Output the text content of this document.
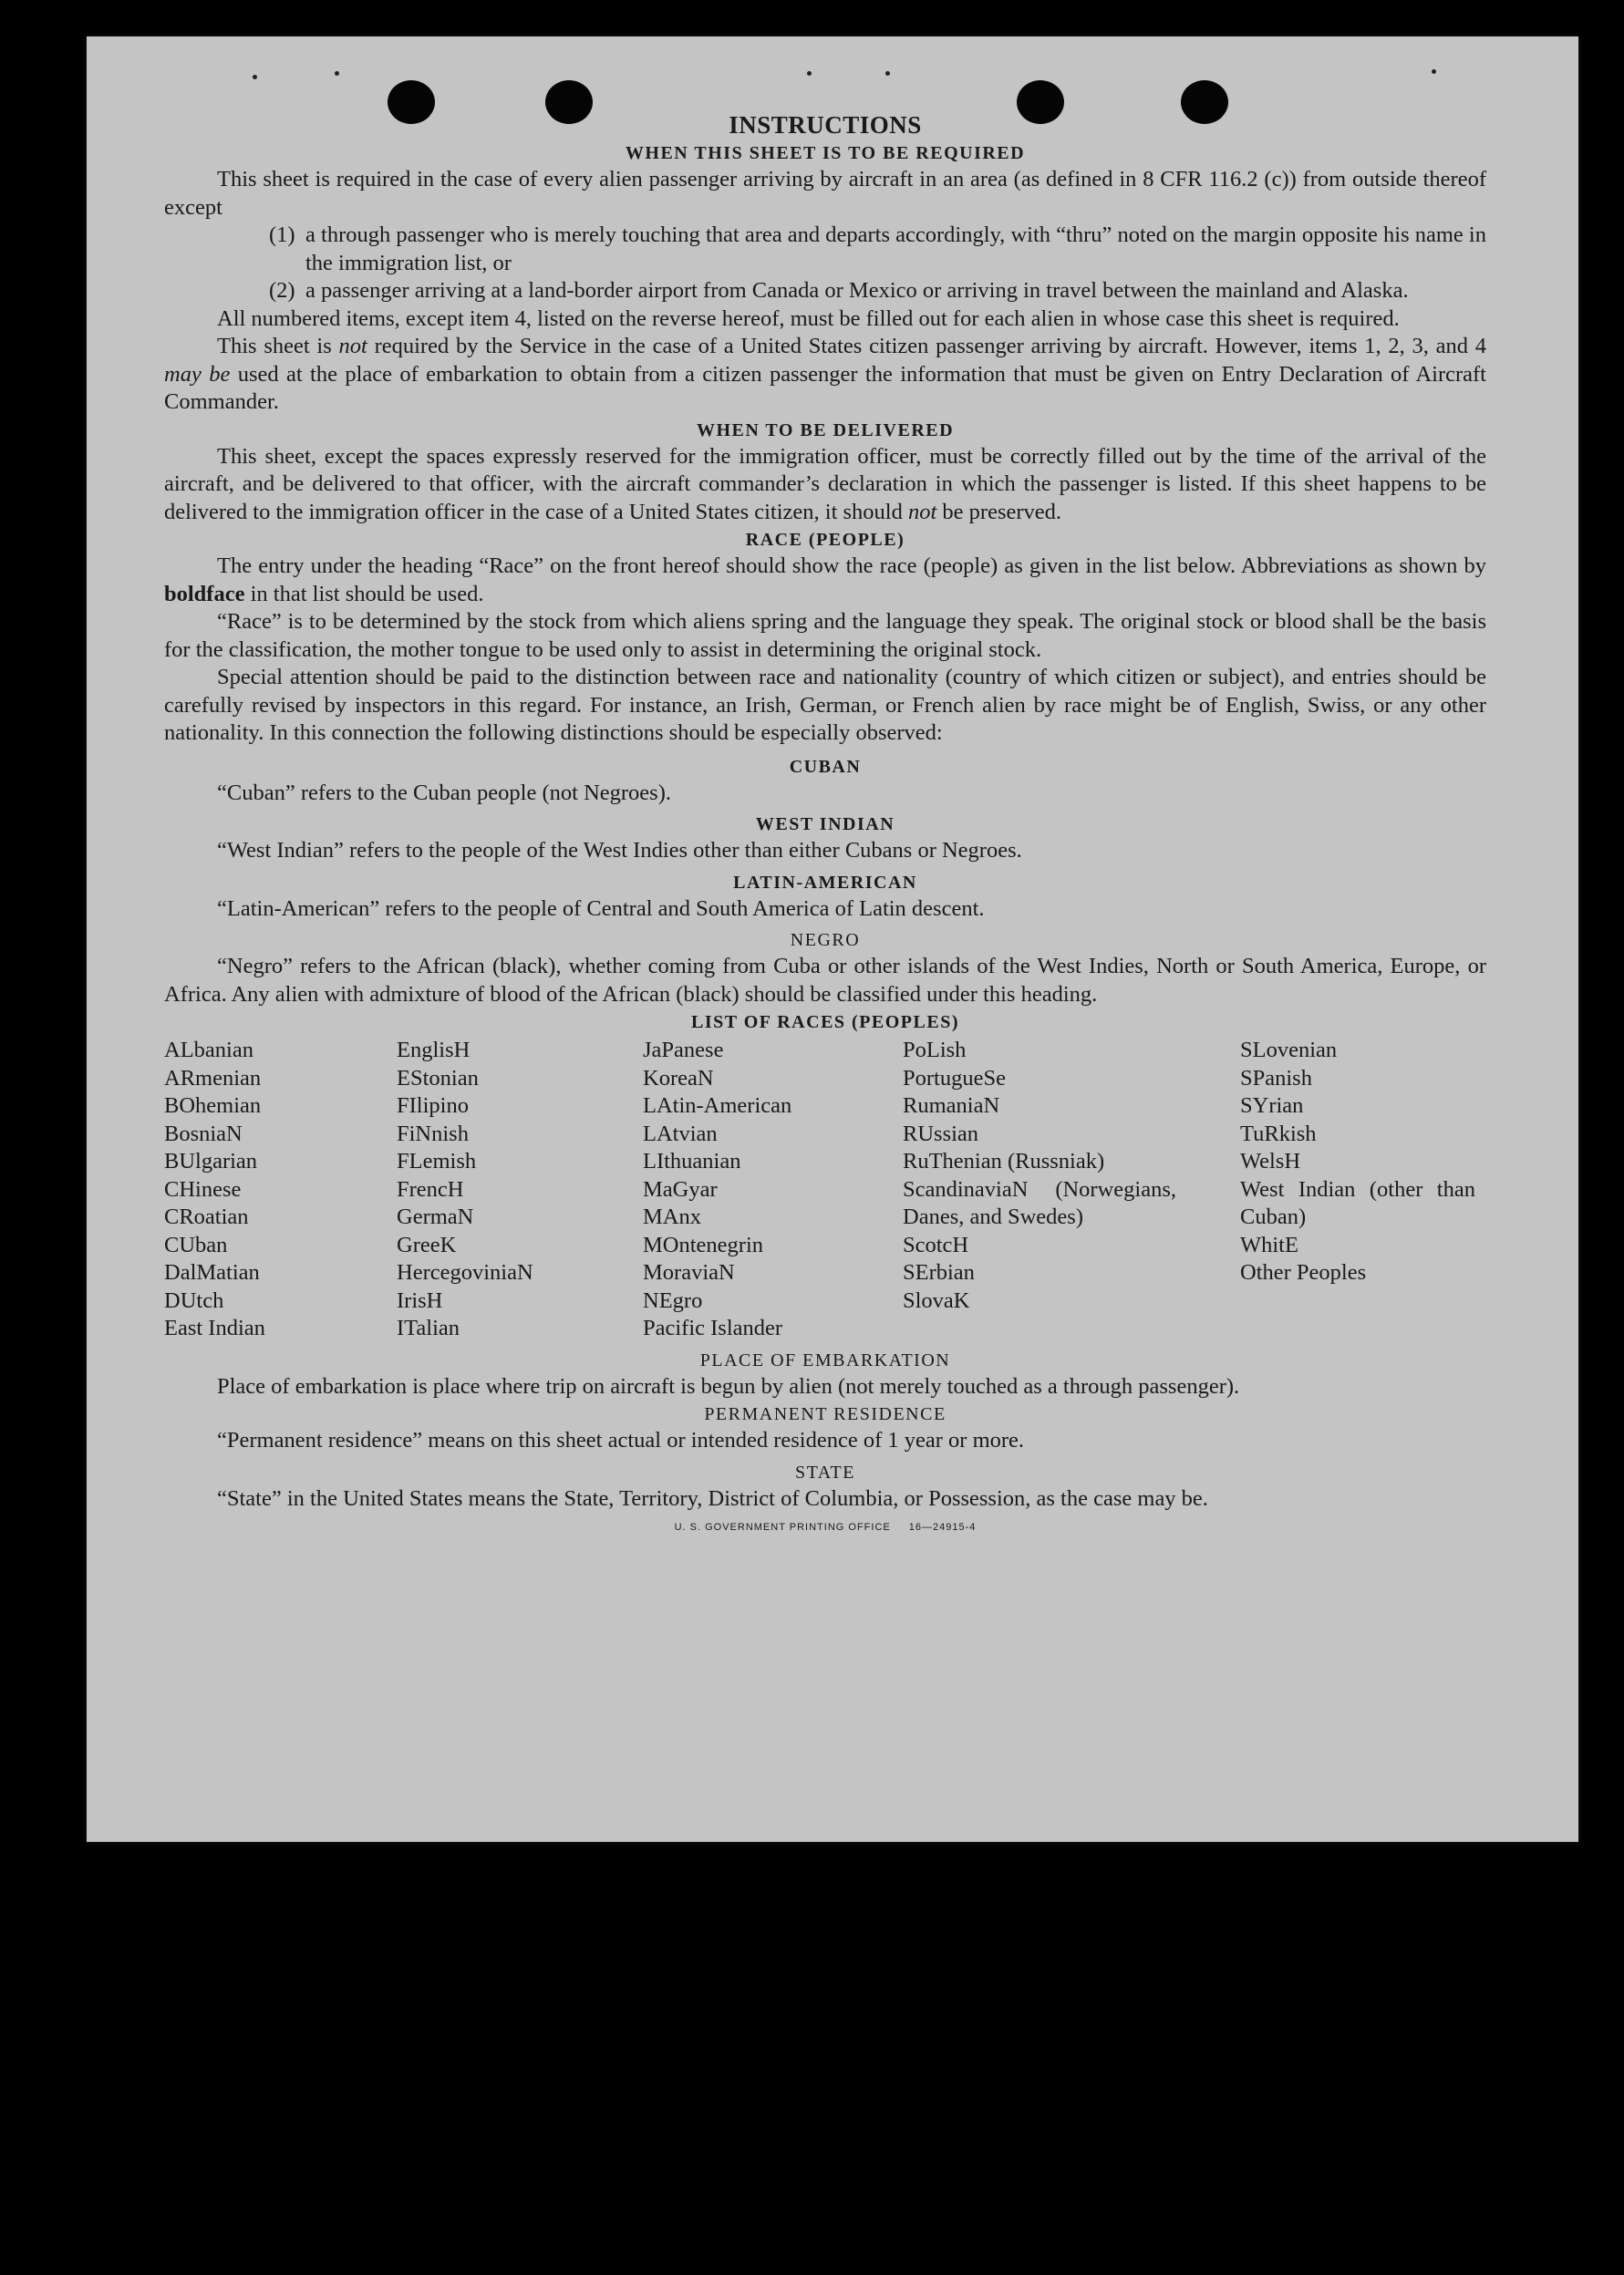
INSTRUCTIONS
WHEN THIS SHEET IS TO BE REQUIRED

This sheet is required in the case of every alien passenger arriving by aircraft in an area (as defined in 8 CFR 116.2 (c)) from outside thereof except

(1) a through passenger who is merely touching that area and departs accordingly, with “thru” noted on the margin opposite his name in the immigration list, or
(2) a passenger arriving at a land-border airport from Canada or Mexico or arriving in travel between the mainland and Alaska.

All numbered items, except item 4, listed on the reverse hereof, must be filled out for each alien in whose case this sheet is required.

This sheet is not required by the Service in the case of a United States citizen passenger arriving by aircraft. However, items 1, 2, 3, and 4 may be used at the place of embarkation to obtain from a citizen passenger the information that must be given on Entry Declaration of Aircraft Commander.

WHEN TO BE DELIVERED

This sheet, except the spaces expressly reserved for the immigration officer, must be correctly filled out by the time of the arrival of the aircraft, and be delivered to that officer, with the aircraft commander’s declaration in which the passenger is listed. If this sheet happens to be delivered to the immigration officer in the case of a United States citizen, it should not be preserved.

RACE (PEOPLE)

The entry under the heading “Race” on the front hereof should show the race (people) as given in the list below. Abbreviations as shown by boldface in that list should be used.

“Race” is to be determined by the stock from which aliens spring and the language they speak. The original stock or blood shall be the basis for the classification, the mother tongue to be used only to assist in determining the original stock.

Special attention should be paid to the distinction between race and nationality (country of which citizen or subject), and entries should be carefully revised by inspectors in this regard. For instance, an Irish, German, or French alien by race might be of English, Swiss, or any other nationality. In this connection the following distinctions should be especially observed:

CUBAN
“Cuban” refers to the Cuban people (not Negroes).
WEST INDIAN
“West Indian” refers to the people of the West Indies other than either Cubans or Negroes.
LATIN-AMERICAN
“Latin-American” refers to the people of Central and South America of Latin descent.
NEGRO

“Negro” refers to the African (black), whether coming from Cuba or other islands of the West Indies, North or South America, Europe, or Africa. Any alien with admixture of blood of the African (black) should be classified under this heading.

LIST OF RACES (PEOPLES)
ALbanian
ARmenian
BOhemian
BosniaN
BUlgarian
CHinese
CRoatian
CUban
DalMatian
DUtch
East Indian
EnglisH
EStonian
FIlipino
FiNnish
FLemish
FrencH
GermaN
GreeK
HercegoviniaN
IrisH
ITalian
JaPanese
KoreaN
LAtin-American
LAtvian
LIthuanian
MaGyar
MAnx
MOntenegrin
MoraviaN
NEgro
Pacific Islander
PoLish
PortugueSe
RumaniaN
RUssian
RuThenian (Russniak)
ScandinaviaN (Norwegians, Danes, and Swedes)
ScotcH
SErbian
SlovaK
SLovenian
SPanish
SYrian
TuRkish
WelsH
West Indian (other than Cuban)
WhitE
Other Peoples
PLACE OF EMBARKATION

Place of embarkation is place where trip on aircraft is begun by alien (not merely touched as a through passenger).

PERMANENT RESIDENCE
“Permanent residence” means on this sheet actual or intended residence of 1 year or more.
STATE

“State” in the United States means the State, Territory, District of Columbia, or Possession, as the case may be.

U. S. GOVERNMENT PRINTING OFFICE 16—24915-4
